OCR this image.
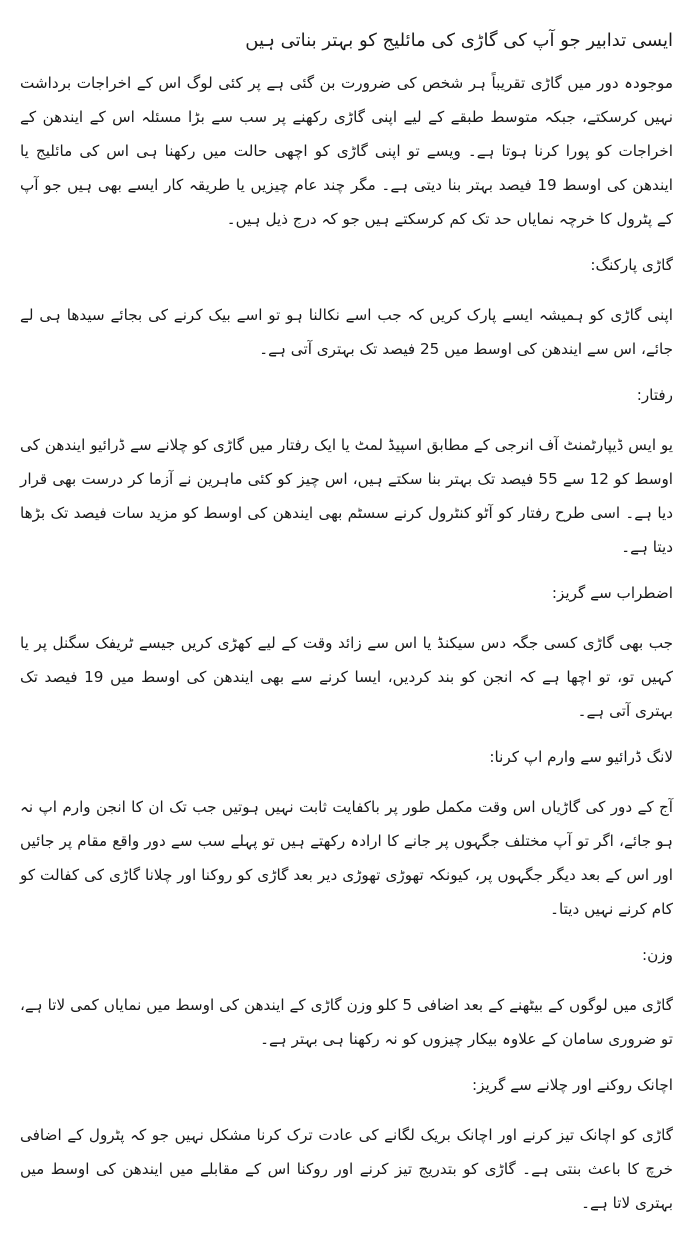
ایسی تدابیر جو آپ کی گاڑی کی مائلیج کو بہتر بناتی ہیں

موجودہ دور میں گاڑی تقریباً ہر شخص کی ضرورت بن گئی ہے پر کئی لوگ اس کے اخراجات برداشت نہیں کرسکتے، جبکہ متوسط طبقے کے لیے اپنی گاڑی رکھنے پر سب سے بڑا مسئلہ اس کے ایندھن کے اخراجات کو پورا کرنا ہوتا ہے۔ ویسے تو اپنی گاڑی کو اچھی حالت میں رکھنا ہی اس کی مائلیج یا ایندھن کی اوسط 19 فیصد بہتر بنا دیتی ہے۔ مگر چند عام چیزیں یا طریقہ کار ایسے بھی ہیں جو آپ کے پٹرول کا خرچہ نمایاں حد تک کم کرسکتے ہیں جو کہ درج ذیل ہیں۔

گاڑی پارکنگ:

اپنی گاڑی کو ہمیشہ ایسے پارک کریں کہ جب اسے نکالنا ہو تو اسے بیک کرنے کی بجائے سیدھا ہی لے جائے، اس سے ایندھن کی اوسط میں 25 فیصد تک بہتری آتی ہے۔

رفتار:

یو ایس ڈیپارٹمنٹ آف انرجی کے مطابق اسپیڈ لمٹ یا ایک رفتار میں گاڑی کو چلانے سے ڈرائیو ایندھن کی اوسط کو 12 سے 55 فیصد تک بہتر بنا سکتے ہیں، اس چیز کو کئی ماہرین نے آزما کر درست بھی قرار دیا ہے۔ اسی طرح رفتار کو آٹو کنٹرول کرنے سسٹم بھی ایندھن کی اوسط کو مزید سات فیصد تک بڑھا دیتا ہے۔

اضطراب سے گریز:

جب بھی گاڑی کسی جگہ دس سیکنڈ یا اس سے زائد وقت کے لیے کھڑی کریں جیسے ٹریفک سگنل پر یا کہیں تو، تو اچھا ہے کہ انجن کو بند کردیں، ایسا کرنے سے بھی ایندھن کی اوسط میں 19 فیصد تک بہتری آتی ہے۔

لانگ ڈرائیو سے وارم اپ کرنا:

آج کے دور کی گاڑیاں اس وقت مکمل طور پر باکفایت ثابت نہیں ہوتیں جب تک ان کا انجن وارم اپ نہ ہو جائے، اگر تو آپ مختلف جگہوں پر جانے کا ارادہ رکھتے ہیں تو پہلے سب سے دور واقع مقام پر جائیں اور اس کے بعد دیگر جگہوں پر، کیونکہ تھوڑی تھوڑی دیر بعد گاڑی کو روکنا اور چلانا گاڑی کی کفالت کو کام کرنے نہیں دیتا۔

وزن:

گاڑی میں لوگوں کے بیٹھنے کے بعد اضافی 5 کلو وزن گاڑی کے ایندھن کی اوسط میں نمایاں کمی لاتا ہے، تو ضروری سامان کے علاوہ بیکار چیزوں کو نہ رکھنا ہی بہتر ہے۔

اچانک روکنے اور چلانے سے گریز:

گاڑی کو اچانک تیز کرنے اور اچانک بریک لگانے کی عادت ترک کرنا مشکل نہیں جو کہ پٹرول کے اضافی خرچ کا باعث بنتی ہے۔ گاڑی کو بتدریج تیز کرنے اور روکنا اس کے مقابلے میں ایندھن کی اوسط میں بہتری لاتا ہے۔
